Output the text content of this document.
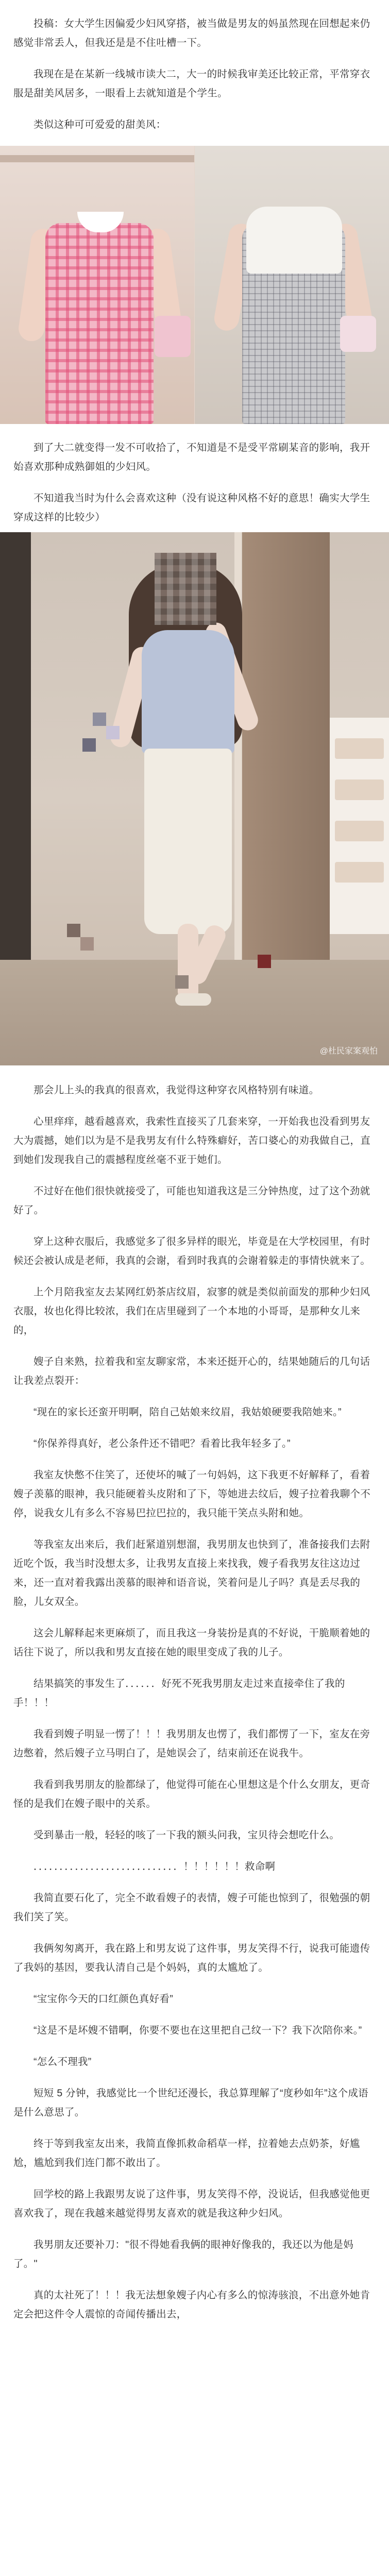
投稿：女大学生因偏爱少妇风穿搭，被当做是男友的妈虽然现在回想起来仍感觉非常丢人，但我还是是不住吐槽一下。

我现在是在某新一线城市读大二，大一的时候我审美还比较正常，平常穿衣服是甜美风居多，一眼看上去就知道是个学生。

类似这种可可爱爱的甜美风：

到了大二就变得一发不可收拾了，不知道是不是受平常刷某音的影响，我开始喜欢那种成熟御姐的少妇风。

不知道我当时为什么会喜欢这种（没有说这种风格不好的意思！确实大学生穿成这样的比较少）

@杜民家案观怕

那会儿上头的我真的很喜欢，我觉得这种穿衣风格特别有味道。

心里痒痒，越看越喜欢，我索性直接买了几套来穿，一开始我也没看到男友大为震撼，她们以为是不是我男友有什么特殊癖好，苦口婆心的劝我做自己，直到她们发现我自己的震撼程度丝毫不亚于她们。

不过好在他们很快就接受了，可能也知道我这是三分钟热度，过了这个劲就好了。

穿上这种衣服后，我感觉多了很多异样的眼光，毕竟是在大学校园里，有时候还会被认成是老师，我真的会谢，看到时我真的会谢着躲走的事情快就来了。

上个月陪我室友去某网红奶茶店纹眉，寂寥的就是类似前面发的那种少妇风衣服，妆也化得比较浓，我们在店里碰到了一个本地的小哥哥，是那种女儿来的，

嫂子自来熟，拉着我和室友聊家常，本来还挺开心的，结果她随后的几句话让我差点裂开：

“现在的家长还蛮开明啊，陪自己姑娘来纹眉，我姑娘硬要我陪她来。”

“你保养得真好，老公条件还不错吧？看着比我年轻多了。”

我室友快憋不住笑了，还使坏的喊了一句妈妈，这下我更不好解释了，看着嫂子羡慕的眼神，我只能硬着头皮附和了下，等她进去纹后，嫂子拉着我聊个不停，说我女儿有多么不容易巴拉巴拉的，我只能干笑点头附和她。

等我室友出来后，我们赶紧道别想溜，我男朋友也快到了，准备接我们去附近吃个饭，我当时没想太多，让我男友直接上来找我，嫂子看我男友往这边过来，还一直对着我露出羡慕的眼神和语音说，笑着问是儿子吗？真是丢尽我的脸，儿女双全。

这会儿解释起来更麻烦了，而且我这一身装扮是真的不好说，干脆顺着她的话往下说了，所以我和男友直接在她的眼里变成了我的儿子。

结果搞笑的事发生了．．．．．．好死不死我男朋友走过来直接牵住了我的手！！！

我看到嫂子明显一愣了！！！我男朋友也愣了，我们都愣了一下，室友在旁边憋着，然后嫂子立马明白了，是她误会了，结束前还在说我牛。

我看到我男朋友的脸都绿了，他觉得可能在心里想这是个什么女朋友，更奇怪的是我们在嫂子眼中的关系。

受到暴击一般，轻轻的咳了一下我的额头问我，宝贝待会想吃什么。

．．．．．．．．．．．．．．．．．．．．．．．．．．．．！！！！！！救命啊

我简直要石化了，完全不敢看嫂子的表情，嫂子可能也惊到了，很勉强的朝我们笑了笑。

我俩匆匆离开，我在路上和男友说了这件事，男友笑得不行，说我可能遗传了我妈的基因，要我认清自己是个妈妈，真的太尴尬了。

“宝宝你今天的口红颜色真好看”

“这是不是坏嫂不错啊，你要不要也在这里把自己纹一下？我下次陪你来。”

“怎么不理我”

短短 5 分钟，我感觉比一个世纪还漫长，我总算理解了“度秒如年”这个成语是什么意思了。

终于等到我室友出来，我简直像抓救命稻草一样，拉着她去点奶茶，好尴尬，尴尬到我们连门都不敢出了。

回学校的路上我跟男友说了这件事，男友笑得不停，没说话，但我感觉他更喜欢我了，现在我越来越觉得男友喜欢的就是我这种少妇风。

我男朋友还要补刀："很不得她看我俩的眼神好像我的，我还以为他是妈了。"

真的太社死了！！！我无法想象嫂子内心有多么的惊涛骇浪，不出意外她肯定会把这件令人震惊的奇闻传播出去，
